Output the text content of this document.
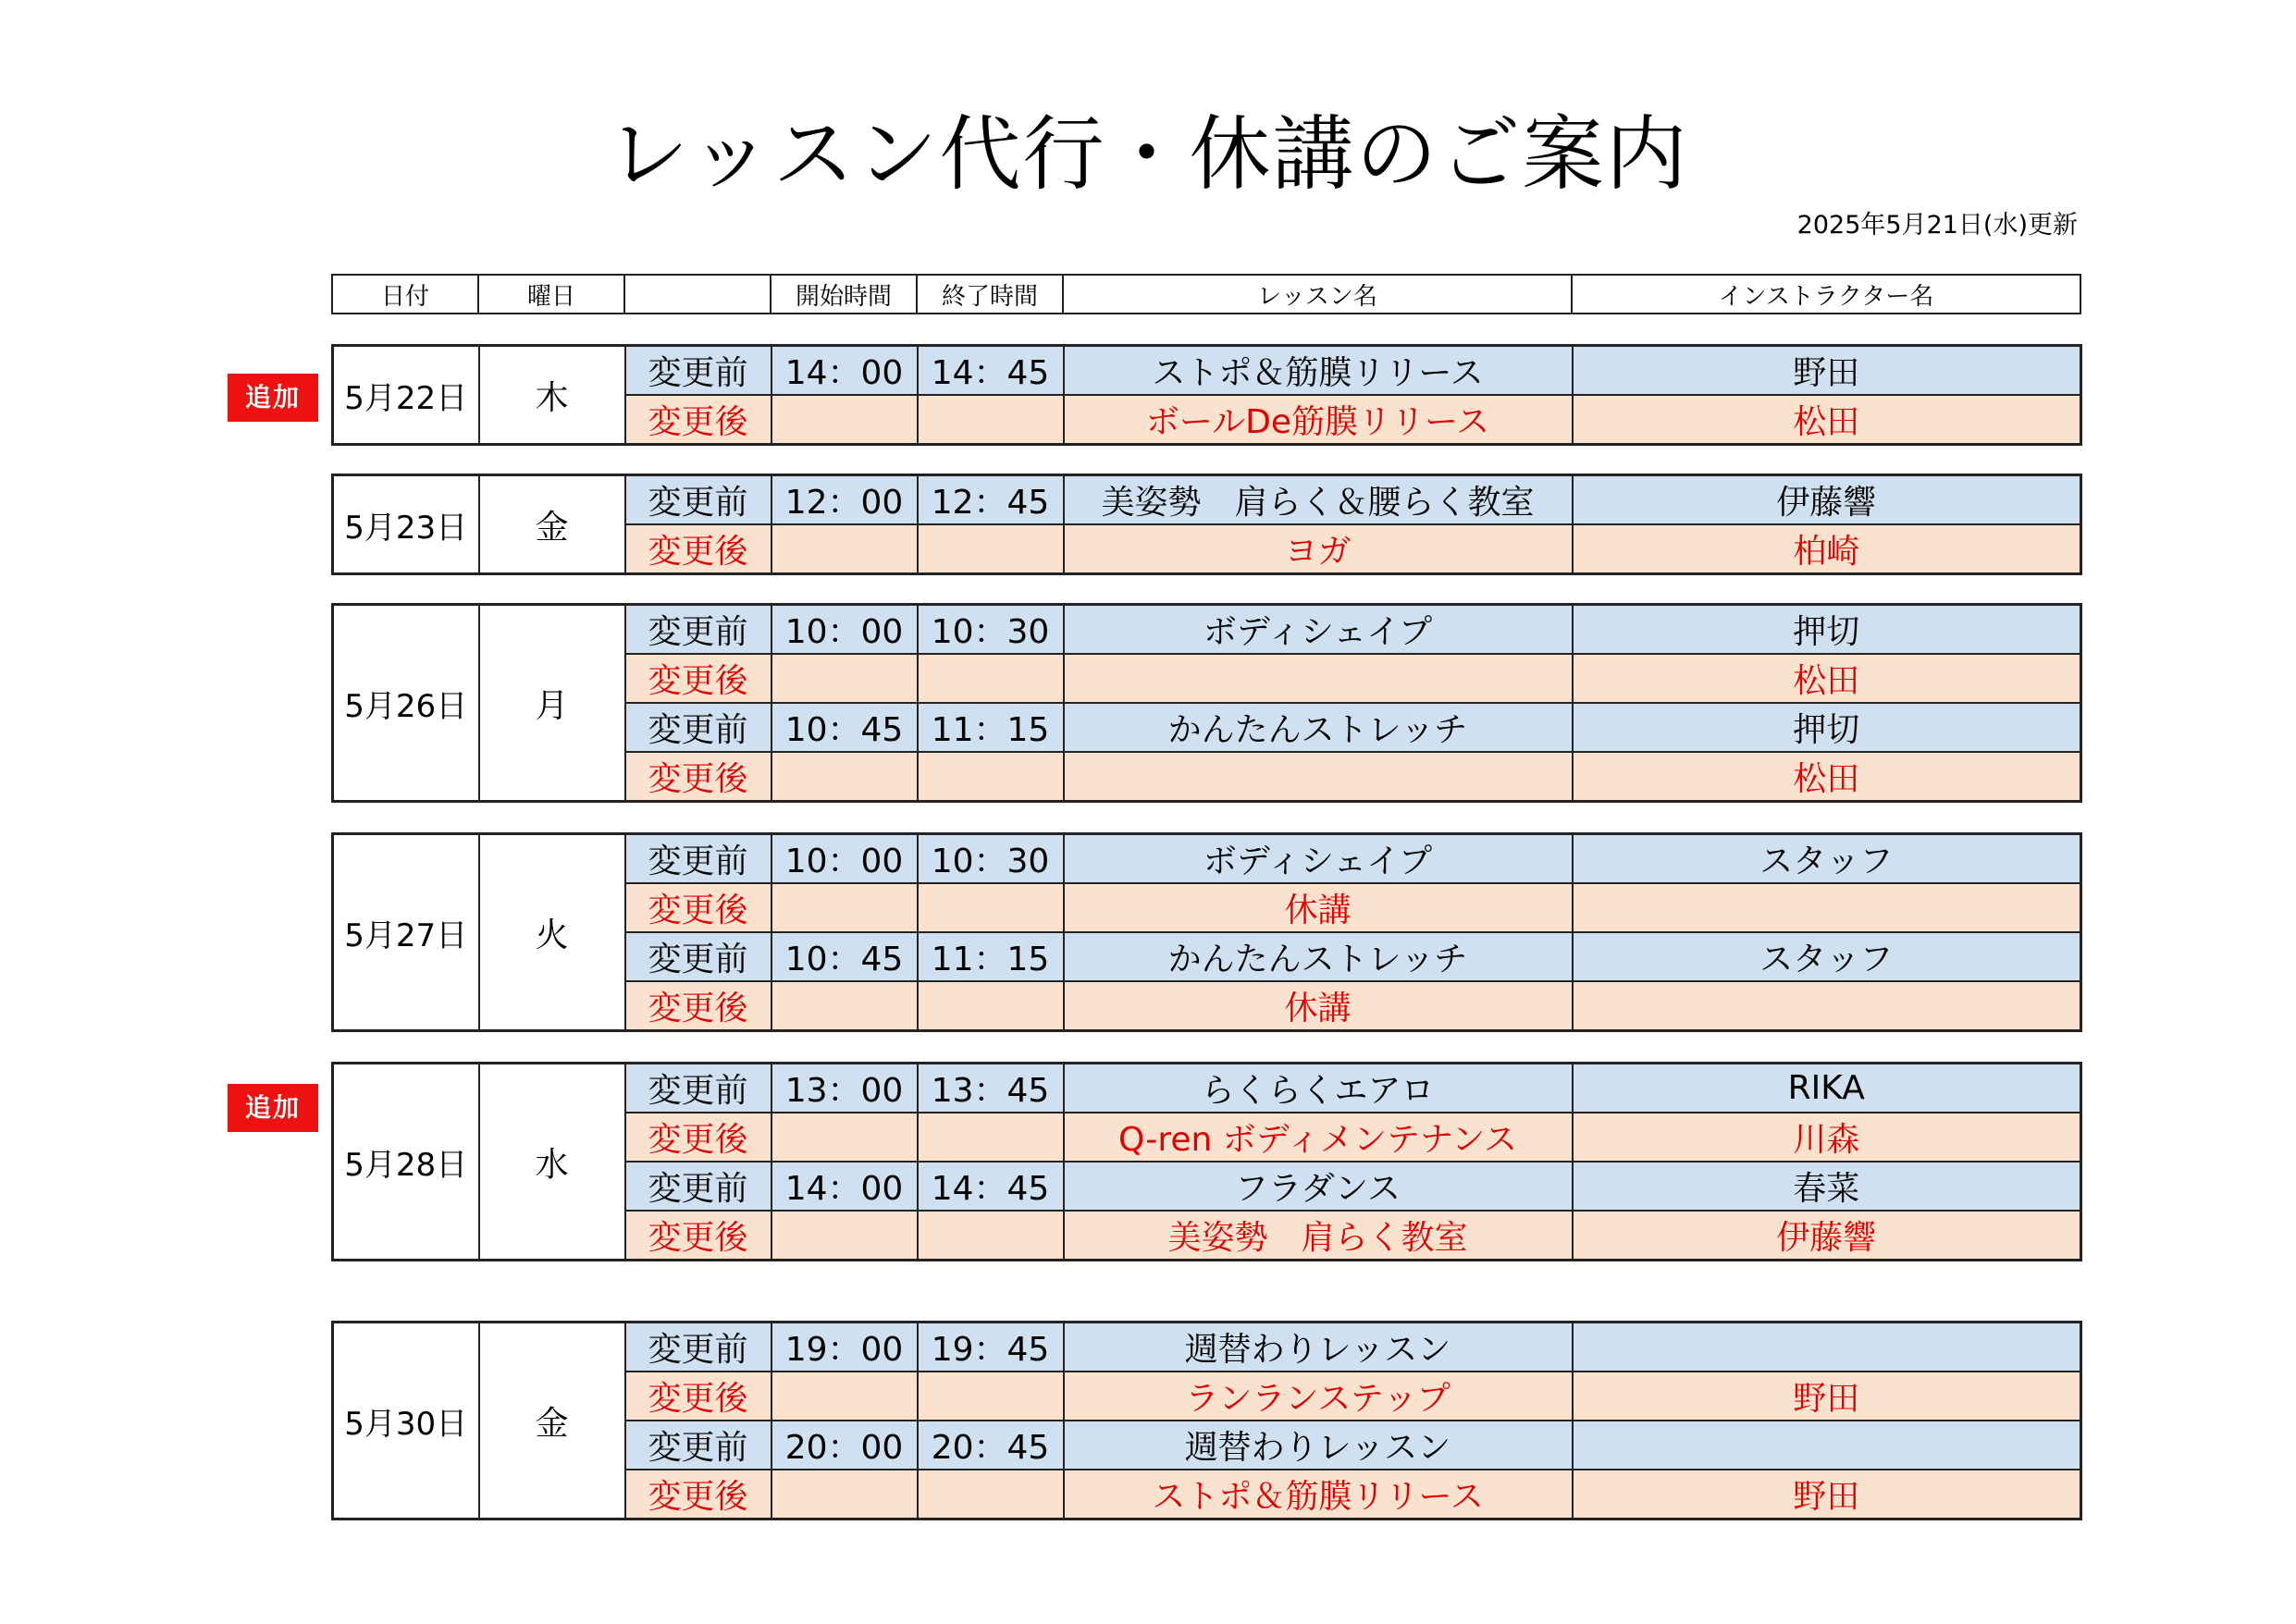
レッスン代行・休講のご案内
2025年5月21日(水)更新
日付	曜日		開始時間	終了時間	レッスン名	インストラクター名
5月22日	木	変更前	14：00	14：45	ストポ＆筋膜リリース	野田
		変更後			ボールDe筋膜リリース	松田
追加
5月23日	金	変更前	12：00	12：45	美姿勢　肩らく＆腰らく教室	伊藤響
		変更後			ヨガ	柏崎
5月26日	月	変更前	10：00	10：30	ボディシェイプ	押切
		変更後				松田
		変更前	10：45	11：15	かんたんストレッチ	押切
		変更後				松田
5月27日	火	変更前	10：00	10：30	ボディシェイプ	スタッフ
		変更後			休講	
		変更前	10：45	11：15	かんたんストレッチ	スタッフ
		変更後			休講	
5月28日	水	変更前	13：00	13：45	らくらくエアロ	RIKA
		変更後			Q-ren ボディメンテナンス	川森
		変更前	14：00	14：45	フラダンス	春菜
		変更後			美姿勢　肩らく教室	伊藤響
追加
5月30日	金	変更前	19：00	19：45	週替わりレッスン	
		変更後			ランランステップ	野田
		変更前	20：00	20：45	週替わりレッスン	
		変更後			ストポ＆筋膜リリース	野田
